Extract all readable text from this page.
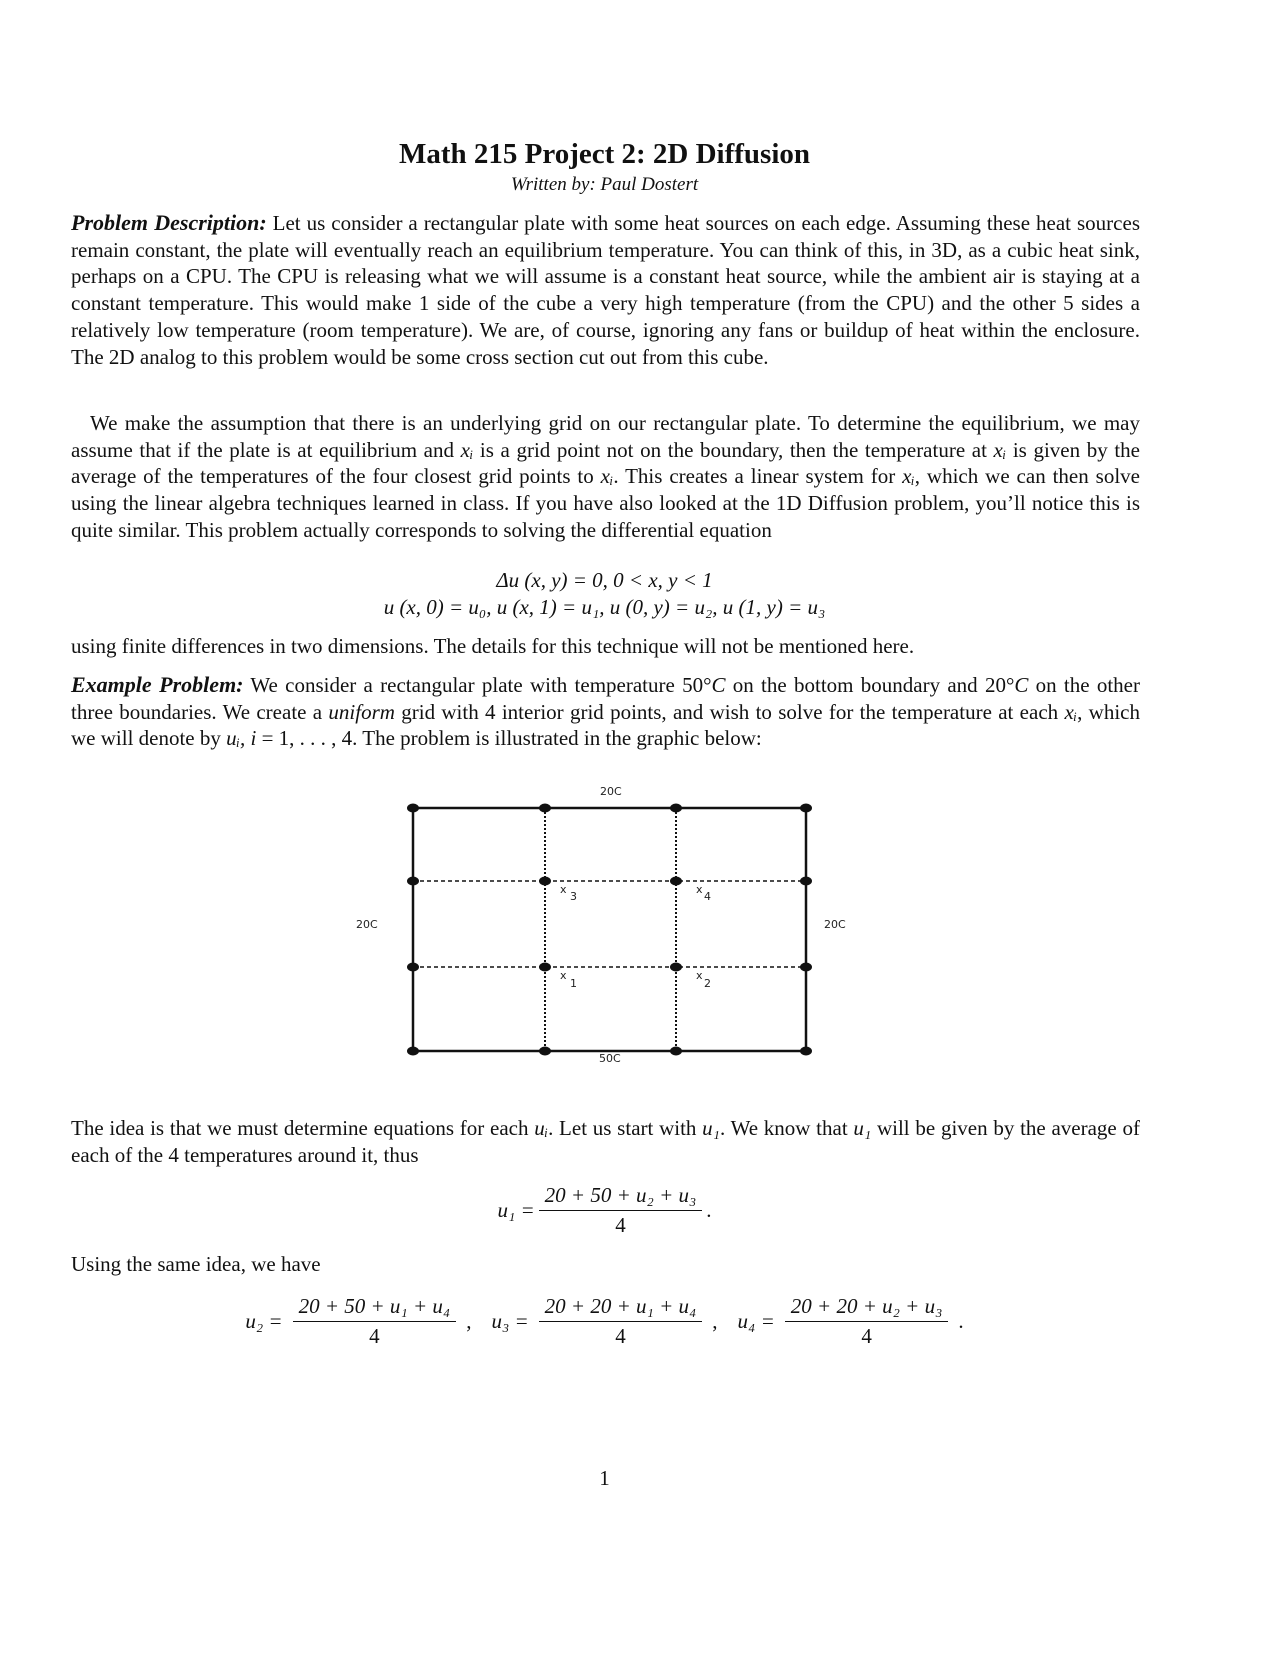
Math 215 Project 2: 2D Diffusion
Written by: Paul Dostert
Problem Description: Let us consider a rectangular plate with some heat sources on each edge. Assuming these heat sources remain constant, the plate will eventually reach an equilibrium temperature. You can think of this, in 3D, as a cubic heat sink, perhaps on a CPU. The CPU is releasing what we will assume is a constant heat source, while the ambient air is staying at a constant temperature. This would make 1 side of the cube a very high temperature (from the CPU) and the other 5 sides a relatively low temperature (room temperature). We are, of course, ignoring any fans or buildup of heat within the enclosure. The 2D analog to this problem would be some cross section cut out from this cube.
We make the assumption that there is an underlying grid on our rectangular plate. To determine the equilibrium, we may assume that if the plate is at equilibrium and xᵢ is a grid point not on the boundary, then the temperature at xᵢ is given by the average of the temperatures of the four closest grid points to xᵢ. This creates a linear system for xᵢ, which we can then solve using the linear algebra techniques learned in class. If you have also looked at the 1D Diffusion problem, you’ll notice this is quite similar. This problem actually corresponds to solving the differential equation
Δu (x, y) = 0, 0 < x, y < 1
u (x, 0) = u₀, u (x, 1) = u₁, u (0, y) = u₂, u (1, y) = u₃
using finite differences in two dimensions. The details for this technique will not be mentioned here.
Example Problem: We consider a rectangular plate with temperature 50°C on the bottom boundary and 20°C on the other three boundaries. We create a uniform grid with 4 interior grid points, and wish to solve for the temperature at each xᵢ, which we will denote by uᵢ, i = 1, . . . , 4. The problem is illustrated in the graphic below:
20C
20C	20C
50C
x
3
x
4
x
1
x
2
The idea is that we must determine equations for each uᵢ. Let us start with u₁. We know that u₁ will be given by the average of each of the 4 temperatures around it, thus
$u_1 = \frac{\text{20 + 50 + u₂ + u₃}}{4}$ .
Using the same idea, we have
$u_2 = \frac{\text{20 + 50 + u₁ + u₄}}{4}$ , $u_3 = \frac{\text{20 + 20 + u₁ + u₄}}{4}$ , $u_4 = \frac{\text{20 + 20 + u₂ + u₃}}{4}$ .
1
